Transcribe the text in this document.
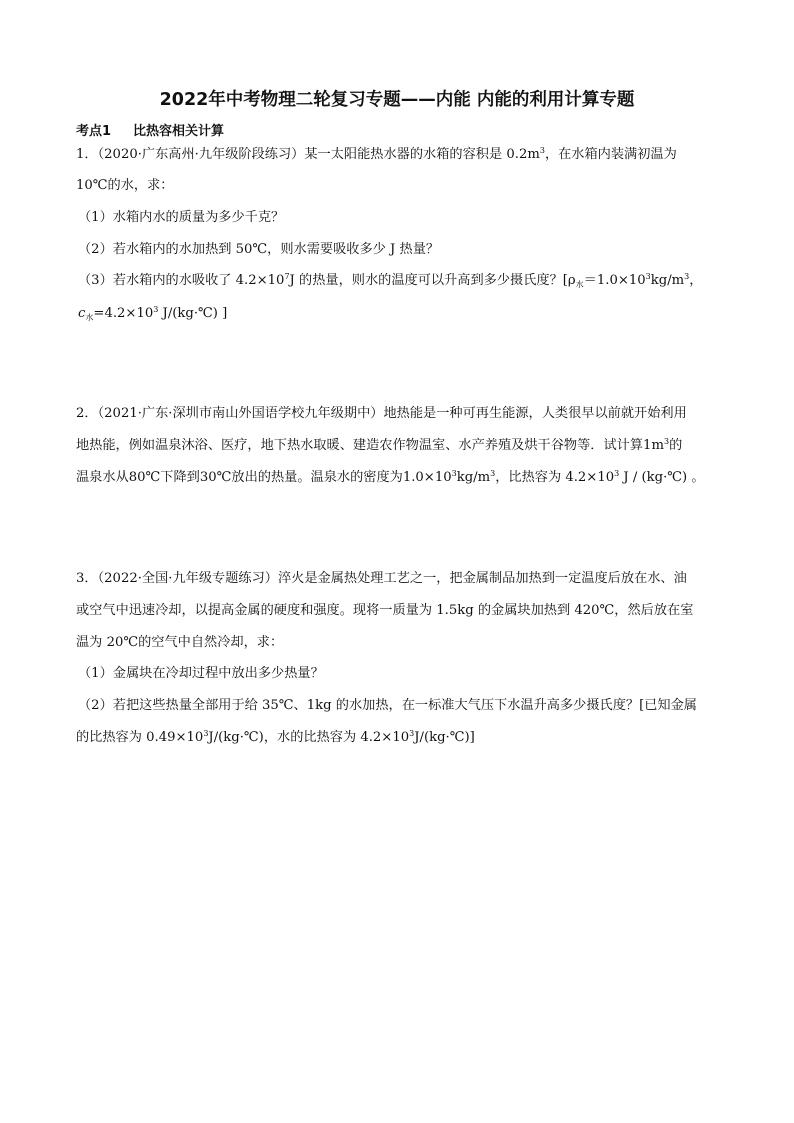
2022年中考物理二轮复习专题——内能 内能的利用计算专题
考点1 比热容相关计算
1．（2020·广东高州·九年级阶段练习）某一太阳能热水器的水箱的容积是 $0.2m^3$，在水箱内装满初温为
10℃的水，求：
（1）水箱内水的质量为多少千克？
（2）若水箱内的水加热到 50℃，则水需要吸收多少 J 热量？
（3）若水箱内的水吸收了 $4.2\times 10^7J$ 的热量，则水的温度可以升高到多少摄氏度？[$\rho_水=1.0\times 10^3kg/m^3$，
$c_水=4.2\times 10^3$ J/(kg·℃) ]
2．（2021·广东·深圳市南山外国语学校九年级期中）地热能是一种可再生能源，人类很早以前就开始利用
地热能，例如温泉沐浴、医疗，地下热水取暖、建造农作物温室、水产养殖及烘干谷物等．试计算$1m^3$的
温泉水从80℃下降到30℃放出的热量。温泉水的密度为$1.0\times 10^3kg/m^3$，比热容为 $4.2\times 10^3$ J / (kg·℃) 。
3．（2022·全国·九年级专题练习）淬火是金属热处理工艺之一，把金属制品加热到一定温度后放在水、油
或空气中迅速冷却，以提高金属的硬度和强度。现将一质量为 1.5kg 的金属块加热到 420℃，然后放在室
温为 20℃的空气中自然冷却，求：
（1）金属块在冷却过程中放出多少热量？
（2）若把这些热量全部用于给 35℃、1kg 的水加热，在一标准大气压下水温升高多少摄氏度？[已知金属
的比热容为 $0.49\times 10^3J/(kg\cdot℃)$，水的比热容为 $4.2\times 10^3J/(kg\cdot℃)$]
